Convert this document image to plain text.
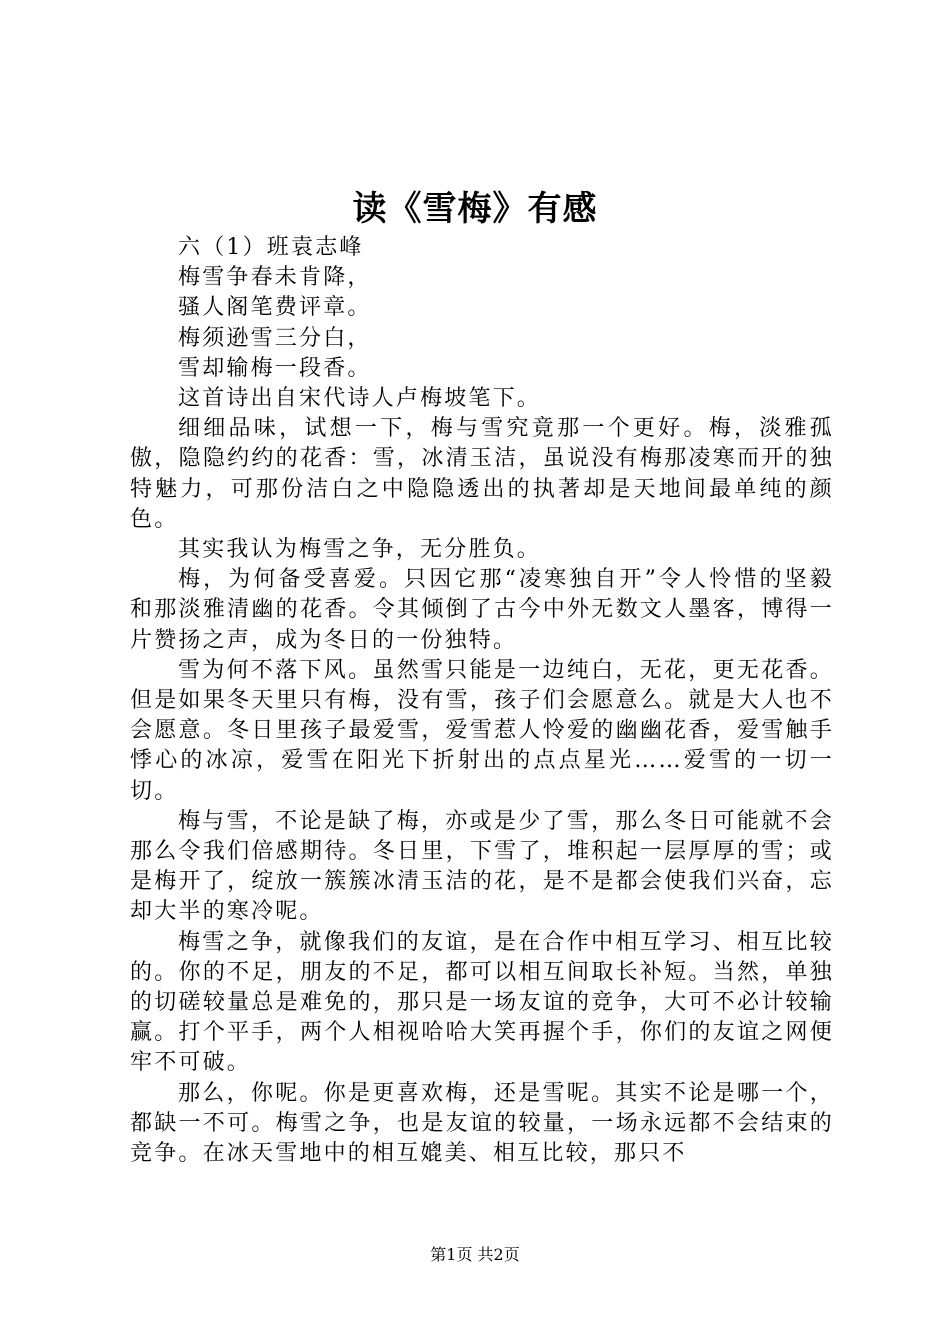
读《雪梅》有感

六（1）班袁志峰

梅雪争春未肯降，

骚人阁笔费评章。

梅须逊雪三分白，

雪却输梅一段香。

这首诗出自宋代诗人卢梅坡笔下。

细细品味，试想一下，梅与雪究竟那一个更好。梅，淡雅孤傲，隐隐约约的花香：雪，冰清玉洁，虽说没有梅那凌寒而开的独特魅力，可那份洁白之中隐隐透出的执著却是天地间最单纯的颜色。

其实我认为梅雪之争，无分胜负。

梅，为何备受喜爱。只因它那“凌寒独自开”令人怜惜的坚毅和那淡雅清幽的花香。令其倾倒了古今中外无数文人墨客，博得一片赞扬之声，成为冬日的一份独特。

雪为何不落下风。虽然雪只能是一边纯白，无花，更无花香。但是如果冬天里只有梅，没有雪，孩子们会愿意么。就是大人也不会愿意。冬日里孩子最爱雪，爱雪惹人怜爱的幽幽花香，爱雪触手悸心的冰凉，爱雪在阳光下折射出的点点星光……爱雪的一切一切。

梅与雪，不论是缺了梅，亦或是少了雪，那么冬日可能就不会那么令我们倍感期待。冬日里，下雪了，堆积起一层厚厚的雪；或是梅开了，绽放一簇簇冰清玉洁的花，是不是都会使我们兴奋，忘却大半的寒冷呢。

梅雪之争，就像我们的友谊，是在合作中相互学习、相互比较的。你的不足，朋友的不足，都可以相互间取长补短。当然，单独的切磋较量总是难免的，那只是一场友谊的竞争，大可不必计较输赢。打个平手，两个人相视哈哈大笑再握个手，你们的友谊之网便牢不可破。

那么，你呢。你是更喜欢梅，还是雪呢。其实不论是哪一个，都缺一不可。梅雪之争，也是友谊的较量，一场永远都不会结束的竞争。在冰天雪地中的相互媲美、相互比较，那只不

第1页 共2页
